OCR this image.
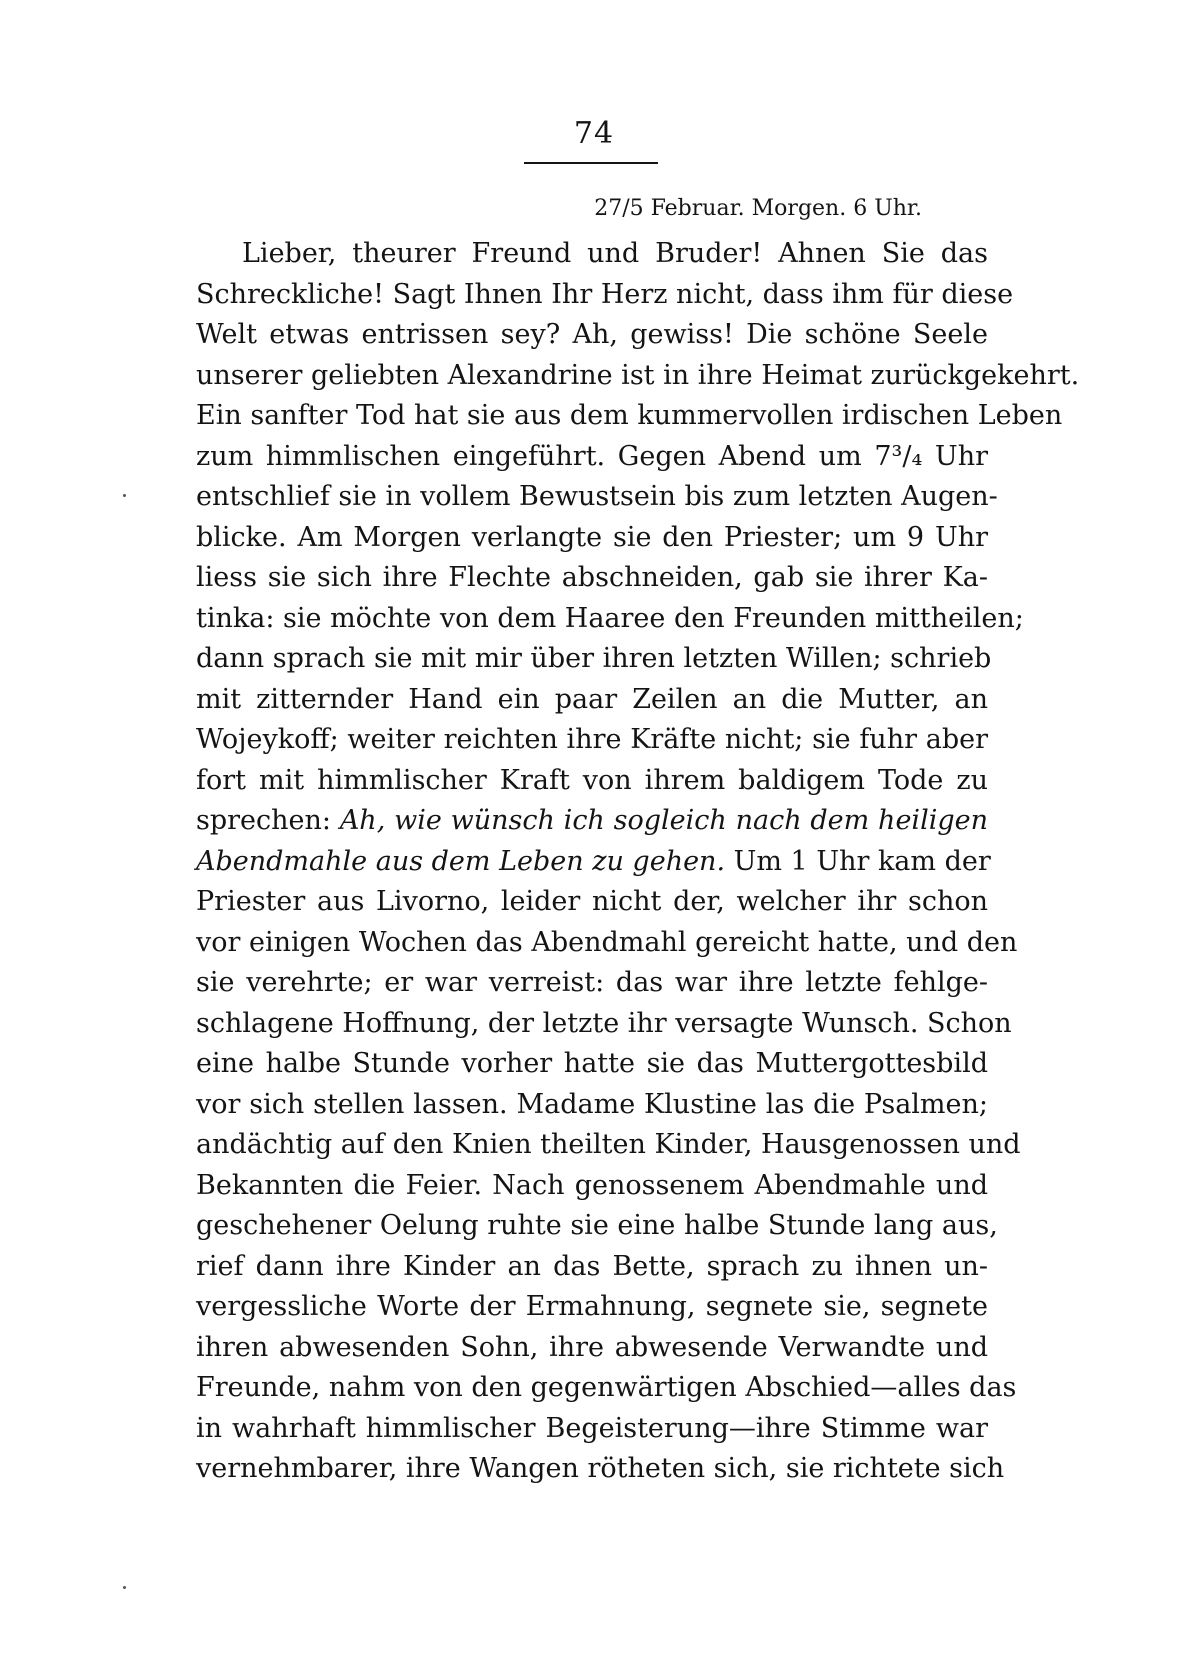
74
27/5 Februar. Morgen. 6 Uhr.
Lieber, theurer Freund und Bruder! Ahnen Sie das
Schreckliche! Sagt Ihnen Ihr Herz nicht, dass ihm für diese
Welt etwas entrissen sey? Ah, gewiss! Die schöne Seele
unserer geliebten Alexandrine ist in ihre Heimat zurückgekehrt.
Ein sanfter Tod hat sie aus dem kummervollen irdischen Leben
zum himmlischen eingeführt. Gegen Abend um 7³/₄ Uhr
entschlief sie in vollem Bewustsein bis zum letzten Augen-
blicke. Am Morgen verlangte sie den Priester; um 9 Uhr
liess sie sich ihre Flechte abschneiden, gab sie ihrer Ka-
tinka: sie möchte von dem Haaree den Freunden mittheilen;
dann sprach sie mit mir über ihren letzten Willen; schrieb
mit zitternder Hand ein paar Zeilen an die Mutter, an
Wojeykoff; weiter reichten ihre Kräfte nicht; sie fuhr aber
fort mit himmlischer Kraft von ihrem baldigem Tode zu
sprechen: Ah, wie wünsch ich sogleich nach dem heiligen
Abendmahle aus dem Leben zu gehen. Um 1 Uhr kam der
Priester aus Livorno, leider nicht der, welcher ihr schon
vor einigen Wochen das Abendmahl gereicht hatte, und den
sie verehrte; er war verreist: das war ihre letzte fehlge-
schlagene Hoffnung, der letzte ihr versagte Wunsch. Schon
eine halbe Stunde vorher hatte sie das Muttergottesbild
vor sich stellen lassen. Madame Klustine las die Psalmen;
andächtig auf den Knien theilten Kinder, Hausgenossen und
Bekannten die Feier. Nach genossenem Abendmahle und
geschehener Oelung ruhte sie eine halbe Stunde lang aus,
rief dann ihre Kinder an das Bette, sprach zu ihnen un-
vergessliche Worte der Ermahnung, segnete sie, segnete
ihren abwesenden Sohn, ihre abwesende Verwandte und
Freunde, nahm von den gegenwärtigen Abschied—alles das
in wahrhaft himmlischer Begeisterung—ihre Stimme war
vernehmbarer, ihre Wangen rötheten sich, sie richtete sich
